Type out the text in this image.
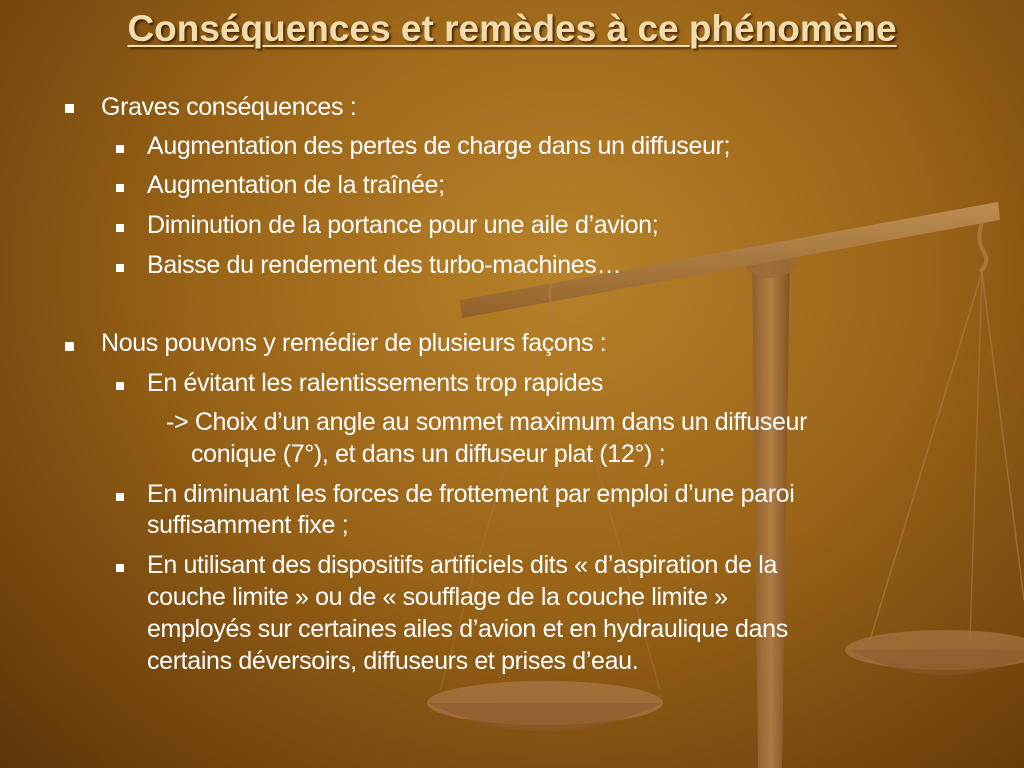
Conséquences et remèdes à ce phénomène
Graves conséquences :
Augmentation des pertes de charge dans un diffuseur;
Augmentation de la traînée;
Diminution de la portance pour une aile d’avion;
Baisse du rendement des turbo-machines…
Nous pouvons y remédier de plusieurs façons :
En évitant les ralentissements trop rapides
-> Choix d’un angle au sommet maximum dans un diffuseur
conique (7°), et dans un diffuseur plat (12°) ;
En diminuant les forces de frottement par emploi d’une paroi
suffisamment fixe ;
En utilisant des dispositifs artificiels dits « d’aspiration de la
couche limite » ou de « soufflage de la couche limite »
employés sur certaines ailes d’avion et en hydraulique dans
certains déversoirs, diffuseurs et prises d’eau.
